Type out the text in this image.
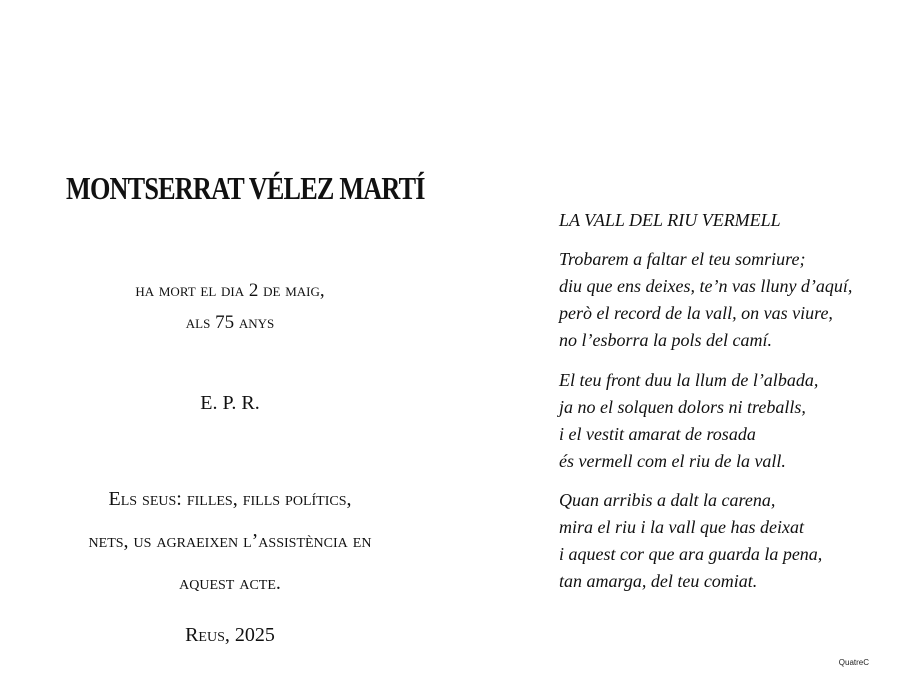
MONTSERRAT VÉLEZ MARTÍ
ha mort el dia 2 de maig,
als 75 anys
E. P. R.
Els seus: filles, fills polítics,
nets, us agraeixen l’assistència en
aquest acte.
Reus, 2025
LA VALL DEL RIU VERMELL
Trobarem a faltar el teu somriure;
diu que ens deixes, te’n vas lluny d’aquí,
però el record de la vall, on vas viure,
no l’esborra la pols del camí.
El teu front duu la llum de l’albada,
ja no el solquen dolors ni treballs,
i el vestit amarat de rosada
és vermell com el riu de la vall.
Quan arribis a dalt la carena,
mira el riu i la vall que has deixat
i aquest cor que ara guarda la pena,
tan amarga, del teu comiat.
QuatreC
